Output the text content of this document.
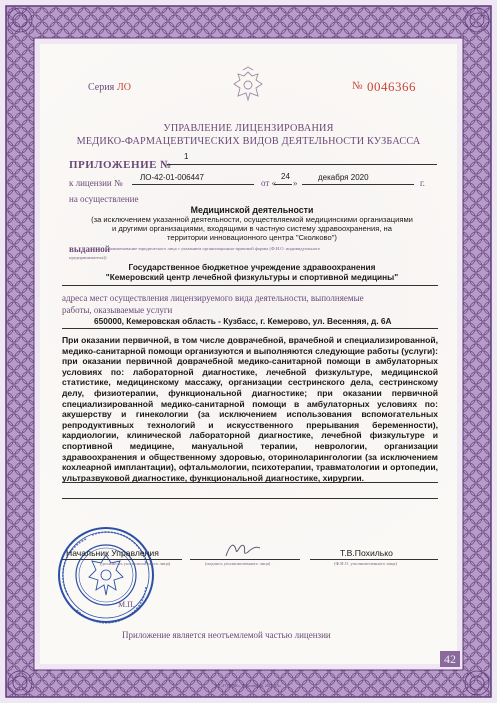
Серия ЛО	№ 0046366
УПРАВЛЕНИЕ ЛИЦЕНЗИРОВАНИЯ
МЕДИКО-ФАРМАЦЕВТИЧЕСКИХ ВИДОВ ДЕЯТЕЛЬНОСТИ КУЗБАССА
ПРИЛОЖЕНИЕ №
1
к лицензии №
ЛО-42-01-006447
от «
24
»
декабря 2020
г.
на осуществление
Медицинской деятельности
(за исключением указанной деятельности, осуществляемой медицинскими организациями
и другими организациями, входящими в частную систему здравоохранения, на
территории инновационного центра "Сколково")
выданной
(наименование юридического лица с указанием организационно-правовой формы (Ф.И.О. индивидуального
предпринимателя))
Государственное бюджетное учреждение здравоохранения
"Кемеровский центр лечебной физкультуры и спортивной медицины"
адреса мест осуществления лицензируемого вида деятельности, выполняемые
работы, оказываемые услуги
650000, Кемеровская область - Кузбасс, г. Кемерово, ул. Весенняя, д. 6А
При оказании первичной, в том числе доврачебной, врачебной и специализированной, медико-санитарной помощи организуются и выполняются следующие работы (услуги): при оказании первичной доврачебной медико-санитарной помощи в амбулаторных условиях по: лабораторной диагностике, лечебной физкультуре, медицинской статистике, медицинскому массажу, организации сестринского дела, сестринскому делу, физиотерапии, функциональной диагностике; при оказании первичной специализированной медико-санитарной помощи в амбулаторных условиях по: акушерству и гинекологии (за исключением использования вспомогательных репродуктивных технологий и искусственного прерывания беременности), кардиологии, клинической лабораторной диагностике, лечебной физкультуре и спортивной медицине, мануальной терапии, неврологии, организации здравоохранения и общественному здоровью, оториноларингологии (за исключением кохлеарной имплантации), офтальмологии, психотерапии, травматологии и ортопедии, ультразвуковой диагностике, функциональной диагностике, хирургии.
Начальник Управления
(должность уполномоченного лица)	(подпись уполномоченного лица)
Т.В.Похилько
(Ф.И.О. уполномоченного лица)
М.П.
Приложение является неотъемлемой частью лицензии
42
АО «ГОЗНАК», Новосибирск, 2018, «А»
